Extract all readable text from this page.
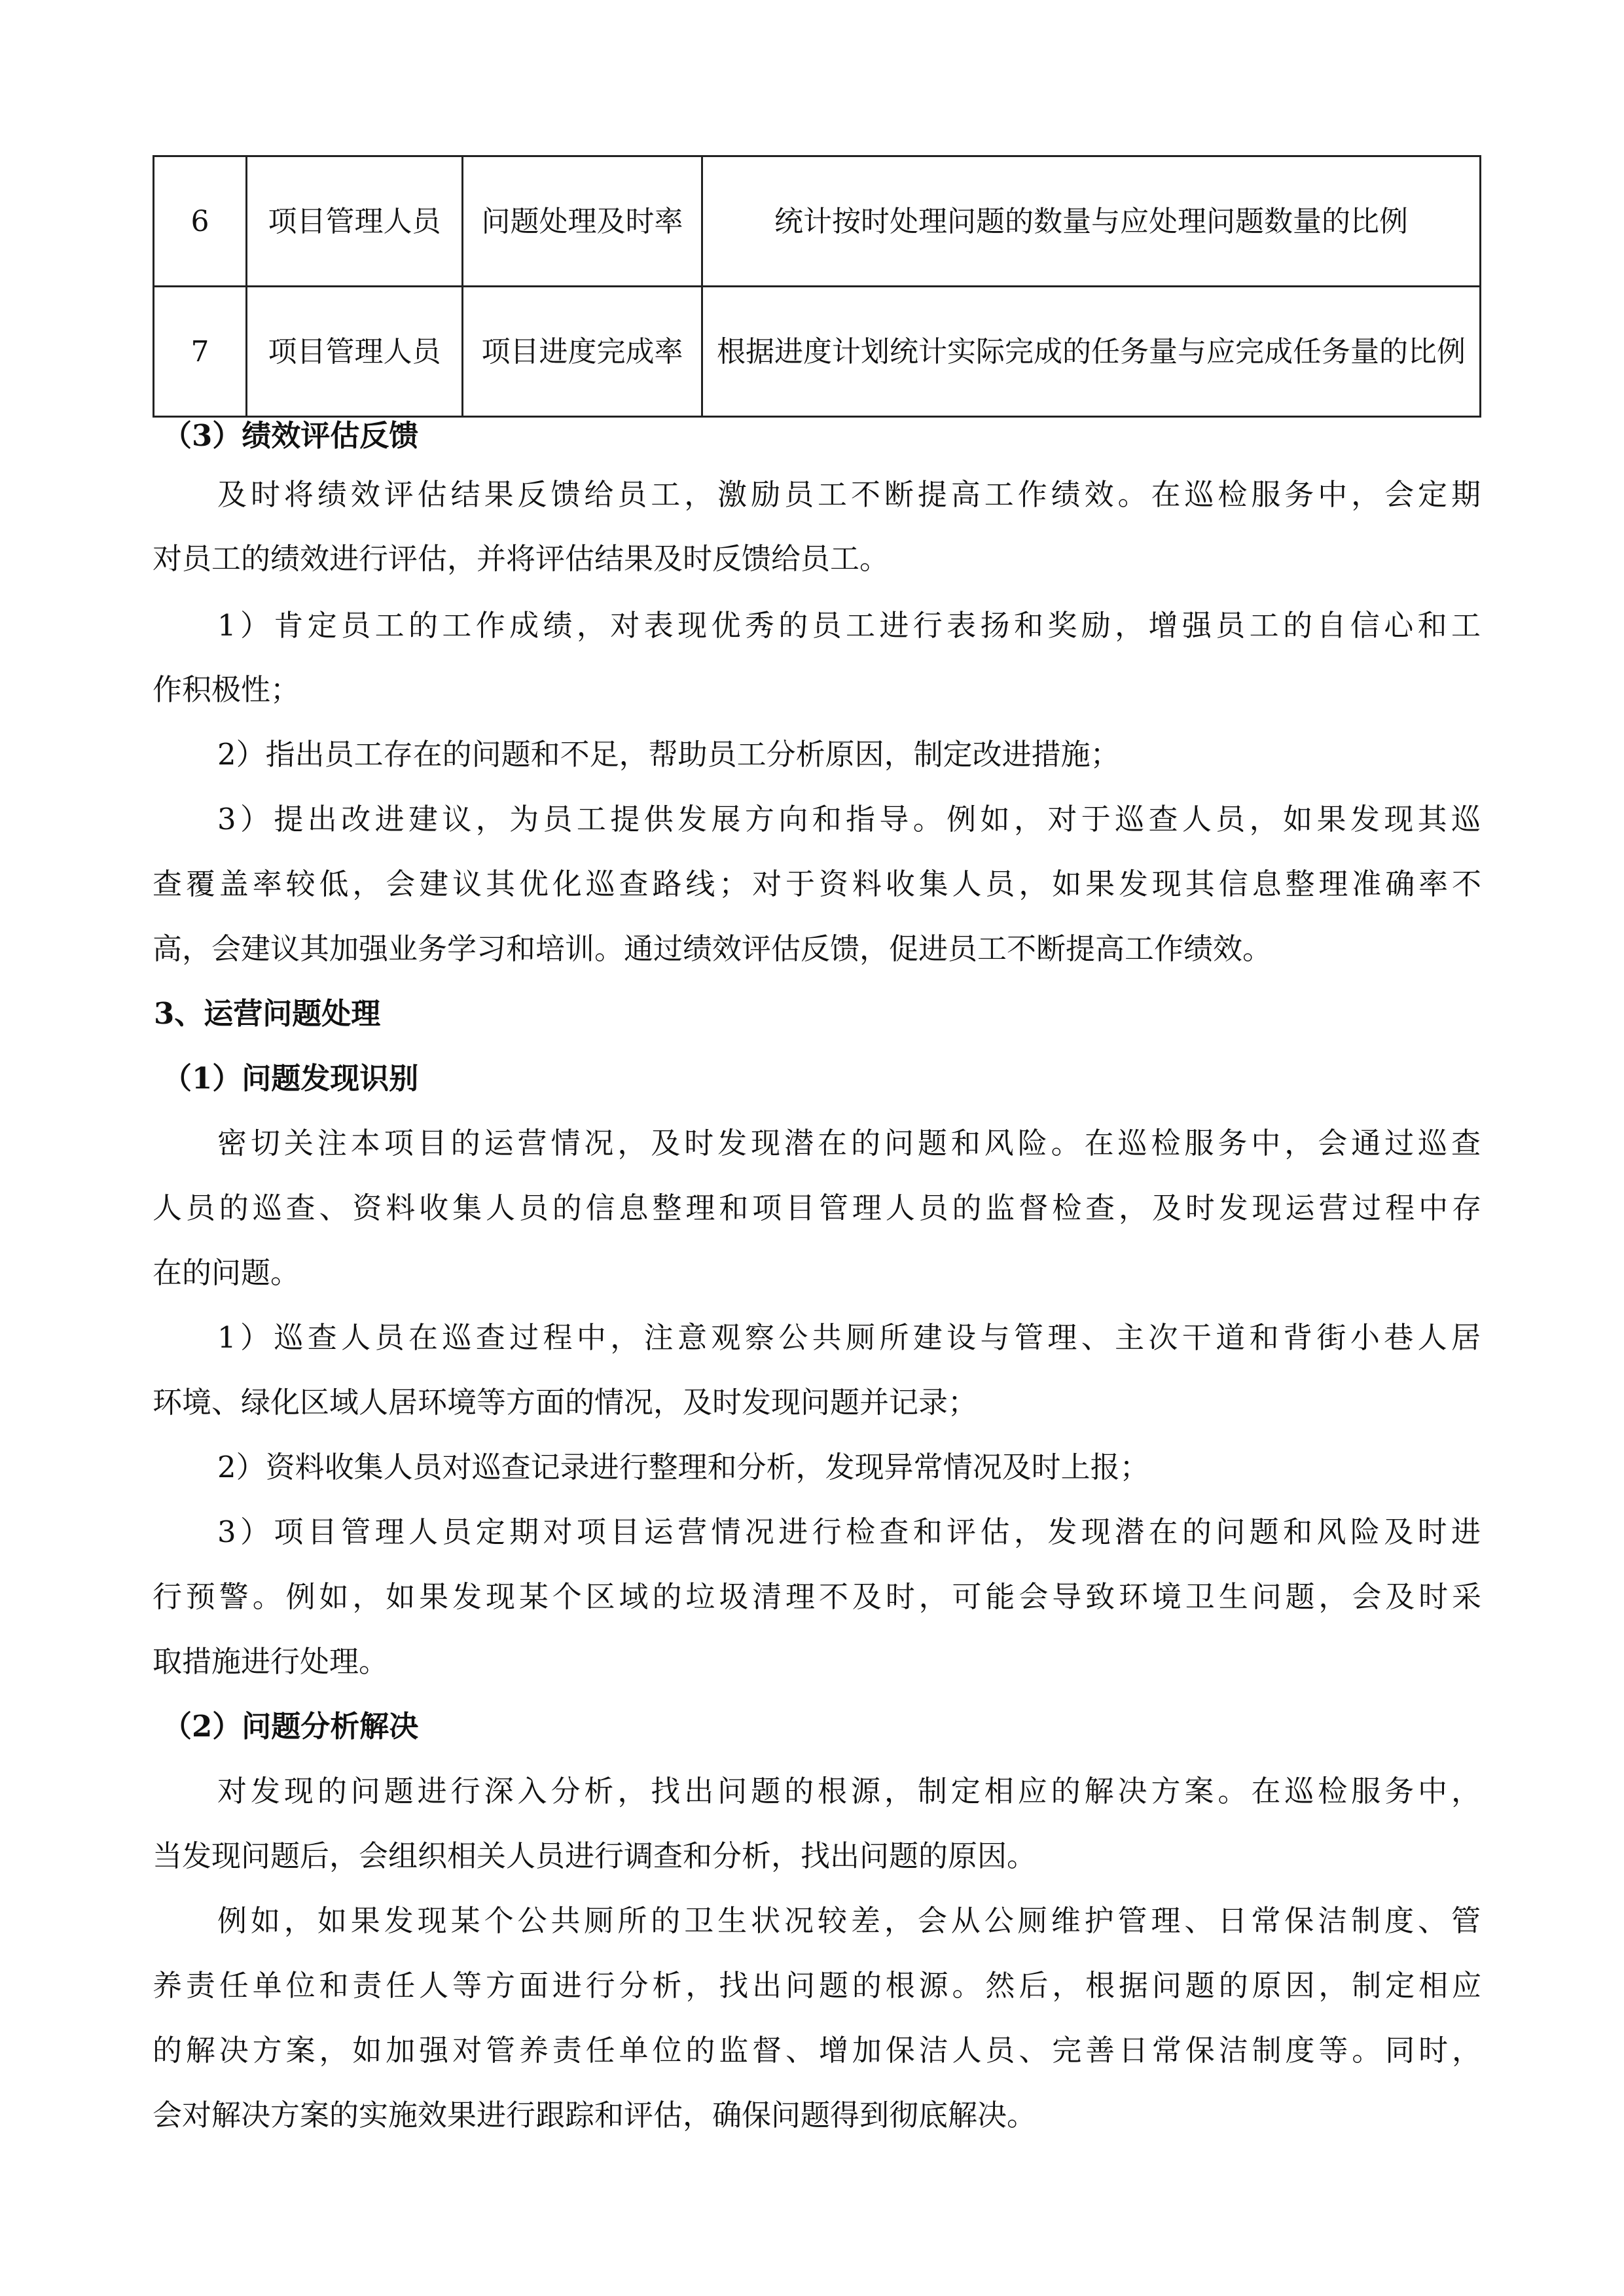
6	项目管理人员	问题处理及时率	统计按时处理问题的数量与应处理问题数量的比例
7	项目管理人员	项目进度完成率	根据进度计划统计实际完成的任务量与应完成任务量的比例

（3）绩效评估反馈

及时将绩效评估结果反馈给员工，激励员工不断提高工作绩效。在巡检服务中，会定期

对员工的绩效进行评估，并将评估结果及时反馈给员工。

1）肯定员工的工作成绩，对表现优秀的员工进行表扬和奖励，增强员工的自信心和工

作积极性；

2）指出员工存在的问题和不足，帮助员工分析原因，制定改进措施；

3）提出改进建议，为员工提供发展方向和指导。例如，对于巡查人员，如果发现其巡

查覆盖率较低，会建议其优化巡查路线；对于资料收集人员，如果发现其信息整理准确率不

高，会建议其加强业务学习和培训。通过绩效评估反馈，促进员工不断提高工作绩效。

3、运营问题处理

（1）问题发现识别

密切关注本项目的运营情况，及时发现潜在的问题和风险。在巡检服务中，会通过巡查

人员的巡查、资料收集人员的信息整理和项目管理人员的监督检查，及时发现运营过程中存

在的问题。

1）巡查人员在巡查过程中，注意观察公共厕所建设与管理、主次干道和背街小巷人居

环境、绿化区域人居环境等方面的情况，及时发现问题并记录；

2）资料收集人员对巡查记录进行整理和分析，发现异常情况及时上报；

3）项目管理人员定期对项目运营情况进行检查和评估，发现潜在的问题和风险及时进

行预警。例如，如果发现某个区域的垃圾清理不及时，可能会导致环境卫生问题，会及时采

取措施进行处理。

（2）问题分析解决

对发现的问题进行深入分析，找出问题的根源，制定相应的解决方案。在巡检服务中，

当发现问题后，会组织相关人员进行调查和分析，找出问题的原因。

例如，如果发现某个公共厕所的卫生状况较差，会从公厕维护管理、日常保洁制度、管

养责任单位和责任人等方面进行分析，找出问题的根源。然后，根据问题的原因，制定相应

的解决方案，如加强对管养责任单位的监督、增加保洁人员、完善日常保洁制度等。同时，

会对解决方案的实施效果进行跟踪和评估，确保问题得到彻底解决。
